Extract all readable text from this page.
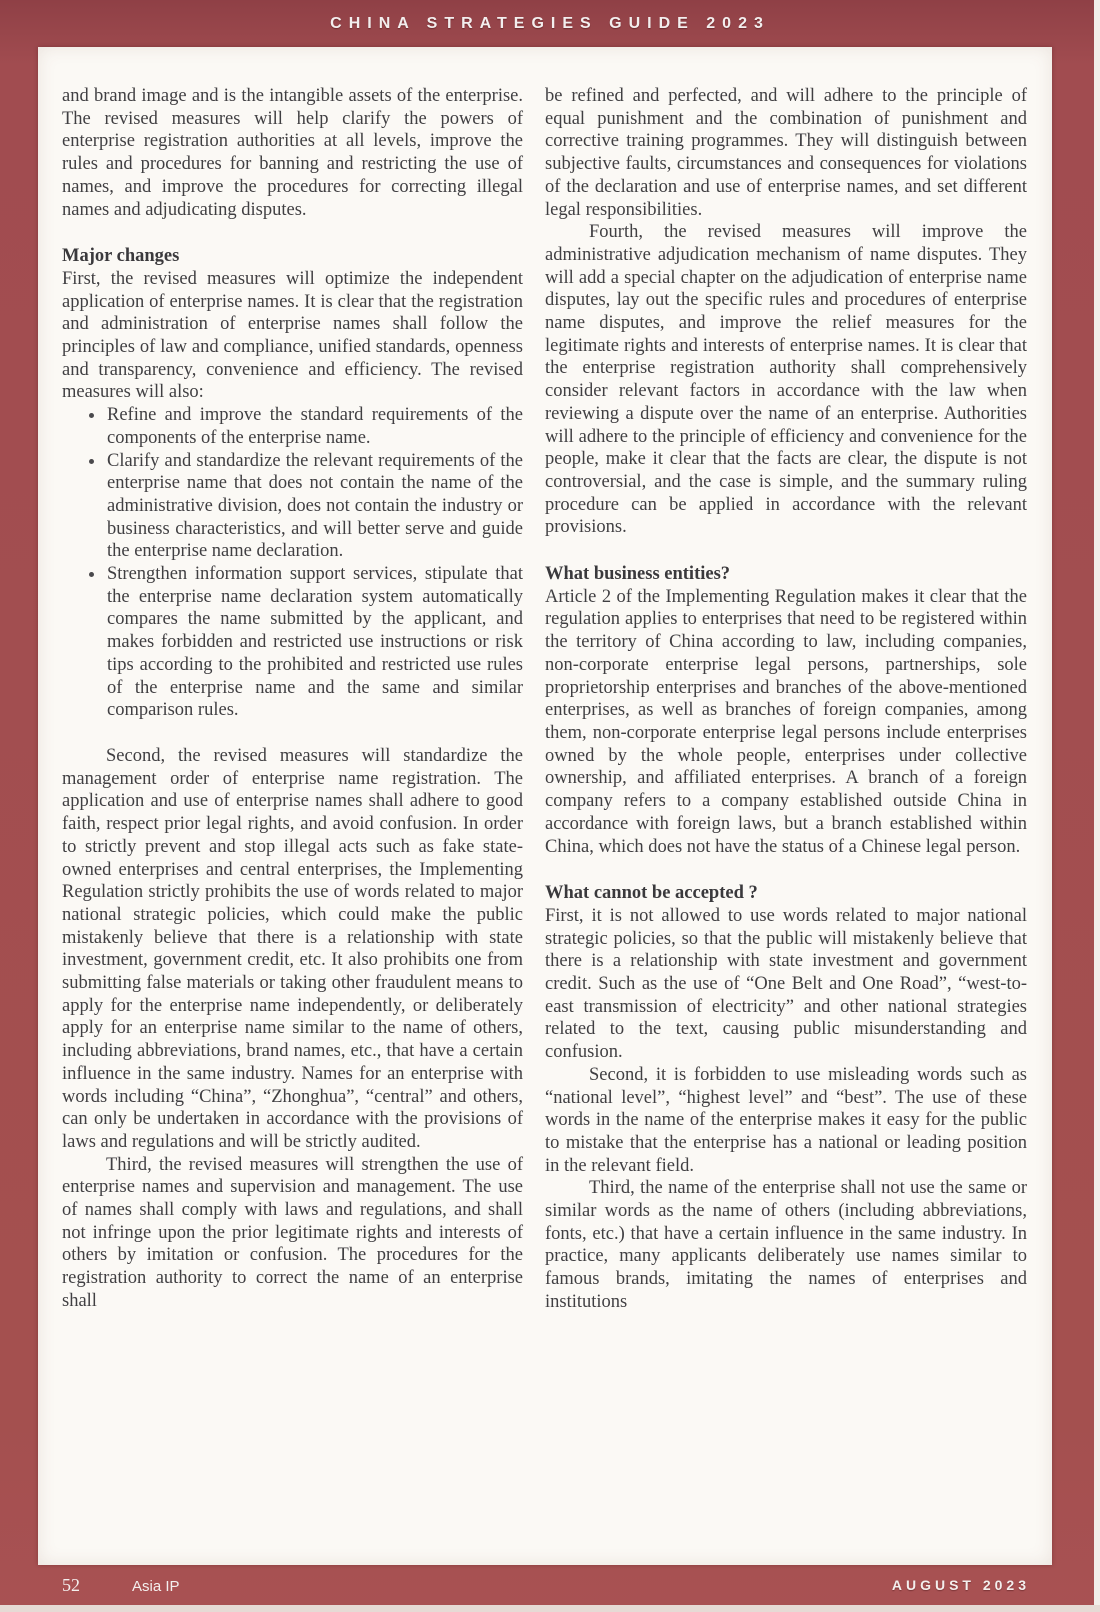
CHINA STRATEGIES GUIDE 2023
and brand image and is the intangible assets of the enterprise. The revised measures will help clarify the powers of enterprise registration authorities at all levels, improve the rules and procedures for banning and restricting the use of names, and improve the procedures for correcting illegal names and adjudicating disputes.
Major changes
First, the revised measures will optimize the independent application of enterprise names. It is clear that the registration and administration of enterprise names shall follow the principles of law and compliance, unified standards, openness and transparency, convenience and efficiency. The revised measures will also:
Refine and improve the standard requirements of the components of the enterprise name.
Clarify and standardize the relevant requirements of the enterprise name that does not contain the name of the administrative division, does not contain the industry or business characteristics, and will better serve and guide the enterprise name declaration.
Strengthen information support services, stipulate that the enterprise name declaration system automatically compares the name submitted by the applicant, and makes forbidden and restricted use instructions or risk tips according to the prohibited and restricted use rules of the enterprise name and the same and similar comparison rules.
Second, the revised measures will standardize the management order of enterprise name registration. The application and use of enterprise names shall adhere to good faith, respect prior legal rights, and avoid confusion. In order to strictly prevent and stop illegal acts such as fake state-owned enterprises and central enterprises, the Implementing Regulation strictly prohibits the use of words related to major national strategic policies, which could make the public mistakenly believe that there is a relationship with state investment, government credit, etc. It also prohibits one from submitting false materials or taking other fraudulent means to apply for the enterprise name independently, or deliberately apply for an enterprise name similar to the name of others, including abbreviations, brand names, etc., that have a certain influence in the same industry. Names for an enterprise with words including “China”, “Zhonghua”, “central” and others, can only be undertaken in accordance with the provisions of laws and regulations and will be strictly audited.
Third, the revised measures will strengthen the use of enterprise names and supervision and management. The use of names shall comply with laws and regulations, and shall not infringe upon the prior legitimate rights and interests of others by imitation or confusion. The procedures for the registration authority to correct the name of an enterprise shall
be refined and perfected, and will adhere to the principle of equal punishment and the combination of punishment and corrective training programmes. They will distinguish between subjective faults, circumstances and consequences for violations of the declaration and use of enterprise names, and set different legal responsibilities.
Fourth, the revised measures will improve the administrative adjudication mechanism of name disputes. They will add a special chapter on the adjudication of enterprise name disputes, lay out the specific rules and procedures of enterprise name disputes, and improve the relief measures for the legitimate rights and interests of enterprise names. It is clear that the enterprise registration authority shall comprehensively consider relevant factors in accordance with the law when reviewing a dispute over the name of an enterprise. Authorities will adhere to the principle of efficiency and convenience for the people, make it clear that the facts are clear, the dispute is not controversial, and the case is simple, and the summary ruling procedure can be applied in accordance with the relevant provisions.
What business entities?
Article 2 of the Implementing Regulation makes it clear that the regulation applies to enterprises that need to be registered within the territory of China according to law, including companies, non-corporate enterprise legal persons, partnerships, sole proprietorship enterprises and branches of the above-mentioned enterprises, as well as branches of foreign companies, among them, non-corporate enterprise legal persons include enterprises owned by the whole people, enterprises under collective ownership, and affiliated enterprises. A branch of a foreign company refers to a company established outside China in accordance with foreign laws, but a branch established within China, which does not have the status of a Chinese legal person.
What cannot be accepted ?
First, it is not allowed to use words related to major national strategic policies, so that the public will mistakenly believe that there is a relationship with state investment and government credit. Such as the use of “One Belt and One Road”, “west-to-east transmission of electricity” and other national strategies related to the text, causing public misunderstanding and confusion.
Second, it is forbidden to use misleading words such as “national level”, “highest level” and “best”. The use of these words in the name of the enterprise makes it easy for the public to mistake that the enterprise has a national or leading position in the relevant field.
Third, the name of the enterprise shall not use the same or similar words as the name of others (including abbreviations, fonts, etc.) that have a certain influence in the same industry. In practice, many applicants deliberately use names similar to famous brands, imitating the names of enterprises and institutions
52	Asia IP	AUGUST 2023
